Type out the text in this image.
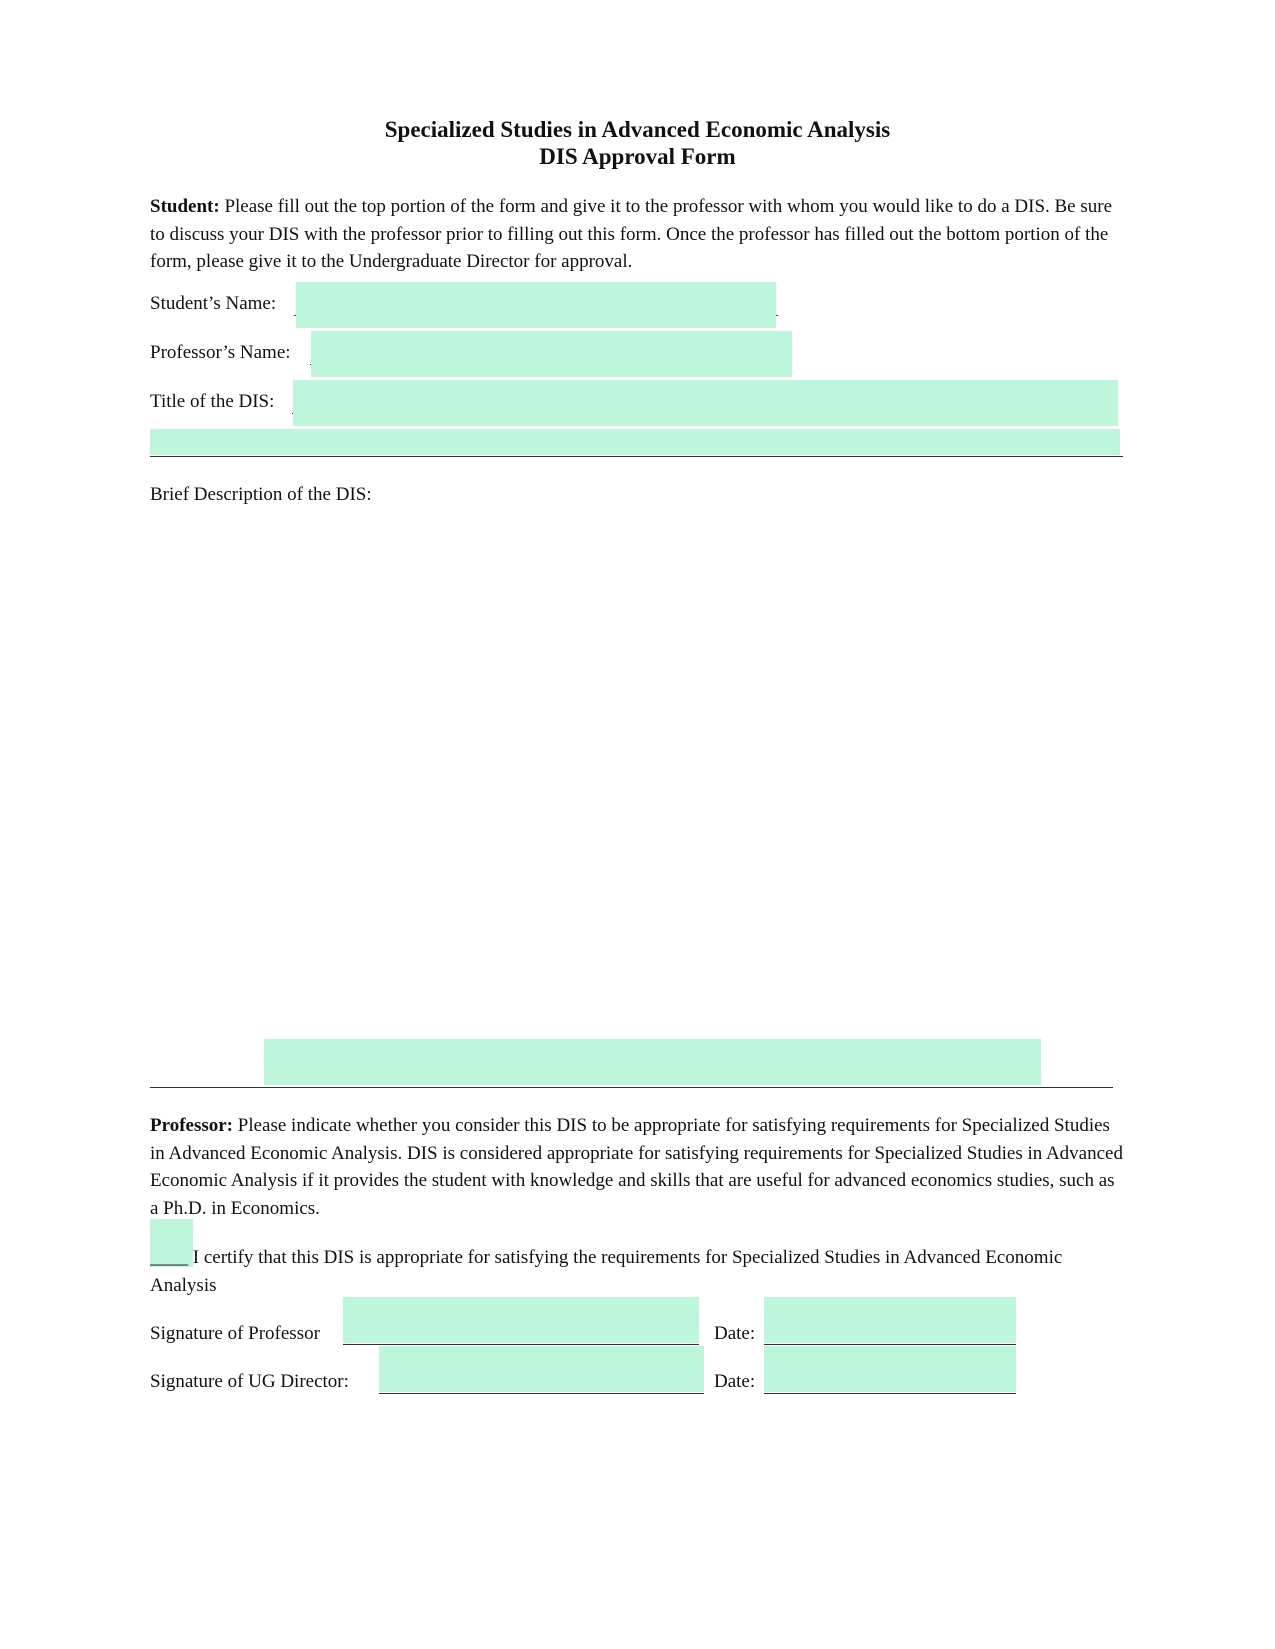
Specialized Studies in Advanced Economic Analysis
DIS Approval Form
Student: Please fill out the top portion of the form and give it to the professor with whom you would like to do a DIS. Be sure to discuss your DIS with the professor prior to filling out this form. Once the professor has filled out the bottom portion of the form, please give it to the Undergraduate Director for approval.
Student’s Name:
Professor’s Name:
Title of the DIS:
Brief Description of the DIS:
Professor: Please indicate whether you consider this DIS to be appropriate for satisfying requirements for Specialized Studies in Advanced Economic Analysis. DIS is considered appropriate for satisfying requirements for Specialized Studies in Advanced Economic Analysis if it provides the student with knowledge and skills that are useful for advanced economics studies, such as a Ph.D. in Economics.
____ I certify that this DIS is appropriate for satisfying the requirements for Specialized Studies in Advanced Economic Analysis
Signature of Professor	Date:
Signature of UG Director:	Date:
